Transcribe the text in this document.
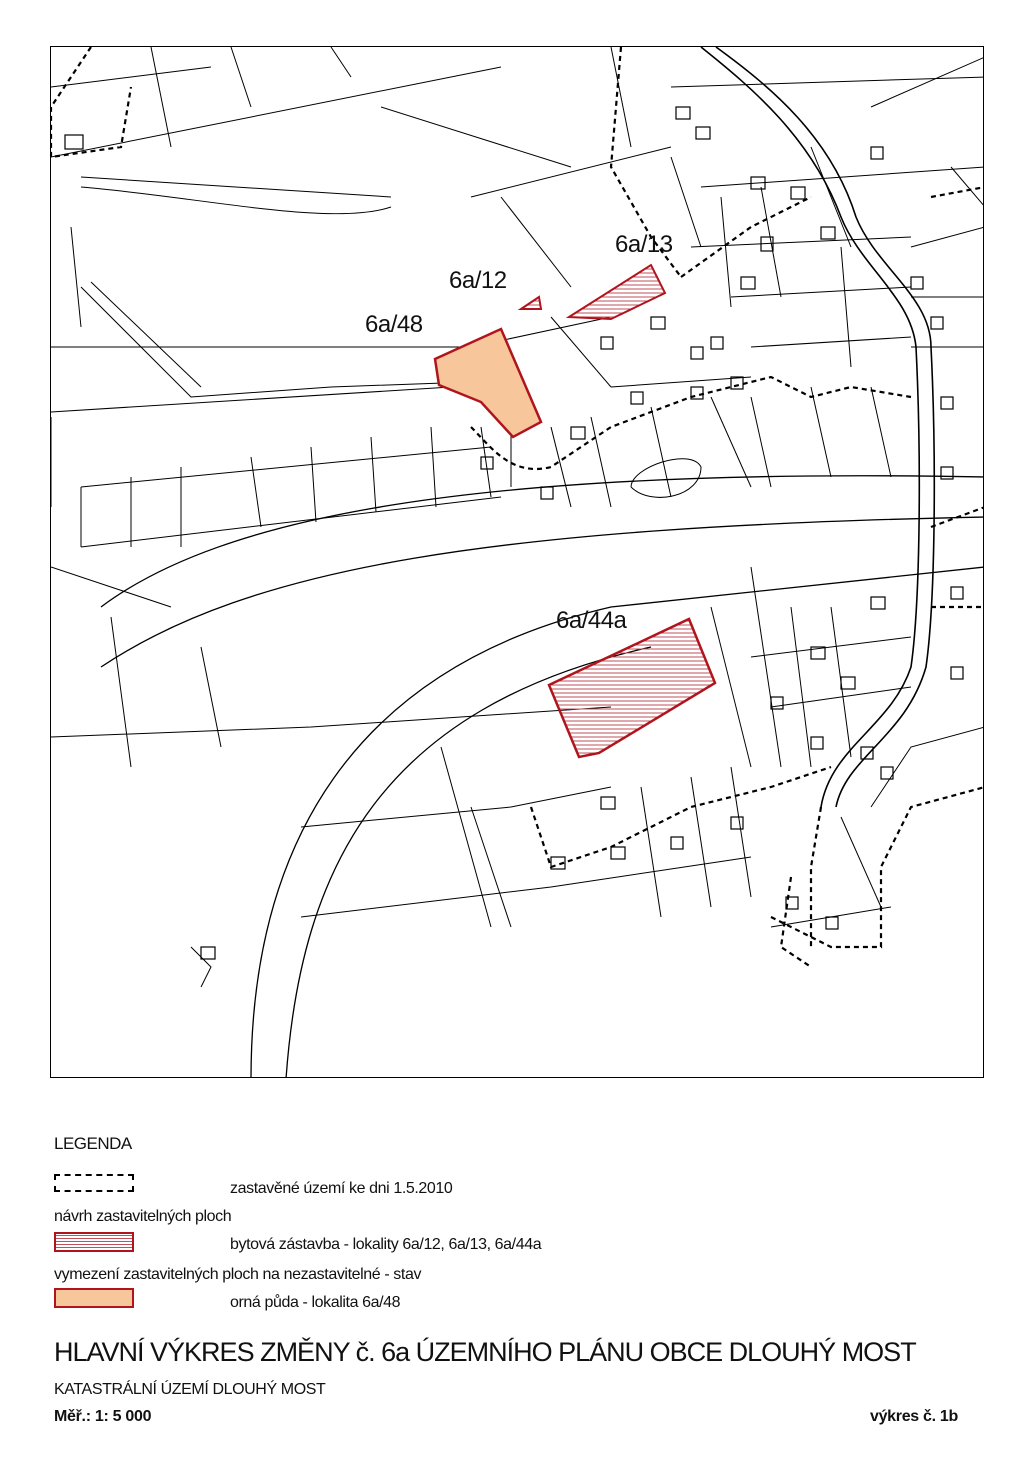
6a/12
6a/13
6a/48
6a/44a
LEGENDA
zastavěné území ke dni 1.5.2010
návrh zastavitelných ploch
bytová zástavba - lokality 6a/12, 6a/13, 6a/44a
vymezení zastavitelných ploch na nezastavitelné - stav
orná půda - lokalita 6a/48
HLAVNÍ VÝKRES ZMĚNY č. 6a ÚZEMNÍHO PLÁNU OBCE DLOUHÝ MOST
KATASTRÁLNÍ ÚZEMÍ DLOUHÝ MOST
Měř.: 1: 5 000	výkres č. 1b
